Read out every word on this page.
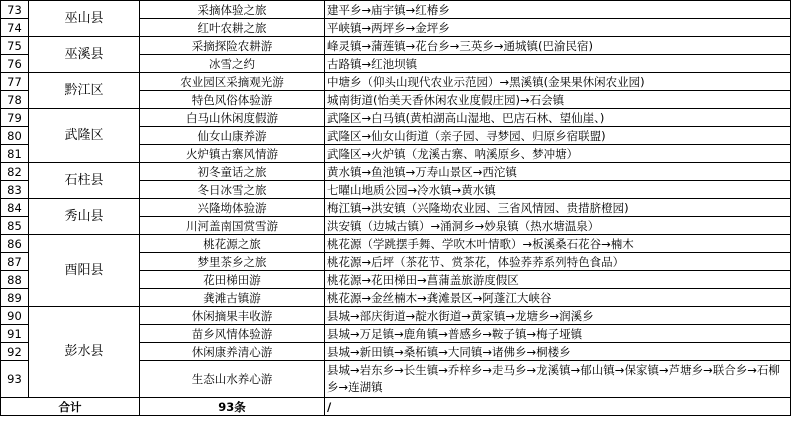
73	巫山县	采摘体验之旅	建平乡→庙宇镇→红椿乡
74		红叶农耕之旅	平峡镇→两坪乡→金坪乡
75	巫溪县	采摘探险农耕游	峰灵镇→蒲莲镇→花台乡→三英乡→通城镇(巴渝民宿)
76		冰雪之约	古路镇→红池坝镇
77	黔江区	农业园区采摘观光游	中塘乡（仰头山现代农业示范园）→黑溪镇(金果果休闲农业园)
78		特色风俗体验游	城南街道(怡美天香休闲农业度假庄园)→石会镇
79	武隆区	白马山休闲度假游	武隆区→白马镇(黄柏湖高山湿地、巴店石林、望仙崖、)
80		仙女山康养游	武隆区→仙女山街道（亲子园、寻梦园、归原乡宿联盟)
81		火炉镇古寨风情游	武隆区→火炉镇（龙溪古寨、呐溪原乡、梦冲塘）
82	石柱县	初冬童话之旅	黄水镇→鱼池镇→万寿山景区→西沱镇
83		冬日冰雪之旅	七曜山地质公园→冷水镇→黄水镇
84	秀山县	兴隆坳体验游	梅江镇→洪安镇（兴隆坳农业园、三省风情园、贵措脐橙园)
85		川河盖南国赏雪游	洪安镇（边城古镇）→涌洞乡→妙泉镇（热水塘温泉）
86	酉阳县	桃花源之旅	桃花源（学跳摆手舞、学吹木叶情歌）→板溪桑石花谷→楠木
87		梦里茶乡之旅	桃花源→后坪（茶花节、赏茶花，体验荞荞系列特色食品）
88		花田梯田游	桃花源→花田梯田→菖蒲盖旅游度假区
89		龚滩古镇游	桃花源→金丝楠木→龚滩景区→阿蓬江大峡谷
90	彭水县	休闲摘果丰收游	县城→部庆街道→靛水街道→黄家镇→龙塘乡→润溪乡
91		苗乡风情体验游	县城→万足镇→鹿角镇→普感乡→鞍子镇→梅子垭镇
92		休闲康养清心游	县城→新田镇→桑柘镇→大同镇→诸佛乡→桐楼乡
93		生态山水养心游	县城→岩东乡→长生镇→乔梓乡→走马乡→龙溪镇→郁山镇→保家镇→芦塘乡→联合乡→石柳乡→连湖镇
合计		93条	/
